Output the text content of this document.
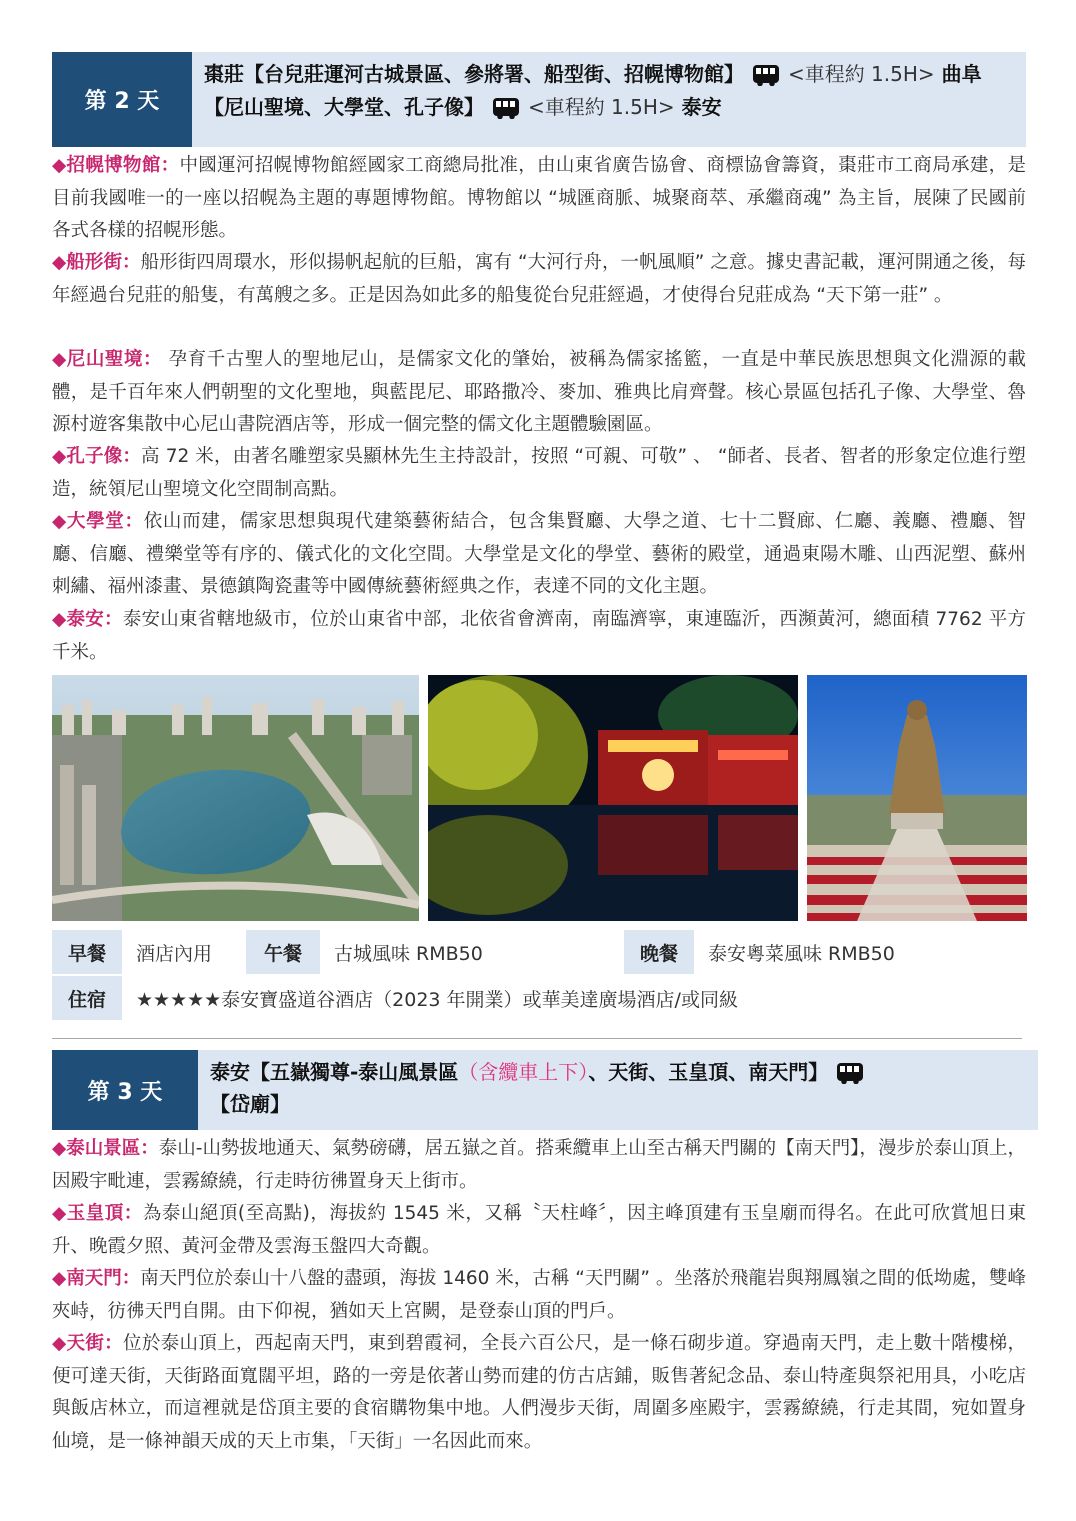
第 2 天
棗莊【台兒莊運河古城景區、參將署、船型街、招幌博物館】 <車程約 1.5H> 曲阜【尼山聖境、大學堂、孔子像】 <車程約 1.5H> 泰安

◆招幌博物館：中國運河招幌博物館經國家工商總局批准，由山東省廣告協會、商標協會籌資，棗莊市工商局承建，是目前我國唯一的一座以招幌為主題的專題博物館。博物館以 “城匯商脈、城聚商萃、承繼商魂” 為主旨，展陳了民國前各式各樣的招幌形態。

◆船形街：船形街四周環水，形似揚帆起航的巨船，寓有 “大河行舟，一帆風順” 之意。據史書記載，運河開通之後，每年經過台兒莊的船隻，有萬艘之多。正是因為如此多的船隻從台兒莊經過，才使得台兒莊成為 “天下第一莊” 。

◆尼山聖境： 孕育千古聖人的聖地尼山，是儒家文化的肇始，被稱為儒家搖籃，一直是中華民族思想與文化淵源的載體，是千百年來人們朝聖的文化聖地，與藍毘尼、耶路撒冷、麥加、雅典比肩齊聲。核心景區包括孔子像、大學堂、魯源村遊客集散中心尼山書院酒店等，形成一個完整的儒文化主題體驗園區。

◆孔子像：高 72 米，由著名雕塑家吳顯林先生主持設計，按照 “可親、可敬” 、 “師者、長者、智者的形象定位進行塑造，統領尼山聖境文化空間制高點。

◆大學堂：依山而建，儒家思想與現代建築藝術結合，包含集賢廳、大學之道、七十二賢廊、仁廳、義廳、禮廳、智廳、信廳、禮樂堂等有序的、儀式化的文化空間。大學堂是文化的學堂、藝術的殿堂，通過東陽木雕、山西泥塑、蘇州刺繡、福州漆畫、景德鎮陶瓷畫等中國傳統藝術經典之作，表達不同的文化主題。

◆泰安：泰安山東省轄地級市，位於山東省中部，北依省會濟南，南臨濟寧，東連臨沂，西瀕黃河，總面積 7762 平方千米。

早餐	酒店內用	午餐	古城風味 RMB50	晚餐	泰安粵菜風味 RMB50
住宿	★★★★★泰安寶盛道谷酒店（2023 年開業）或華美達廣場酒店/或同級
第 3 天
泰安【五嶽獨尊-泰山風景區（含纜車上下）、天街、玉皇頂、南天門】
【岱廟】

◆泰山景區：泰山-山勢拔地通天、氣勢磅礴，居五嶽之首。搭乘纜車上山至古稱天門關的【南天門】，漫步於泰山頂上，因殿宇毗連，雲霧繚繞，行走時彷彿置身天上街市。

◆玉皇頂：為泰山絕頂(至高點)，海拔約 1545 米，又稱〝天柱峰〞，因主峰頂建有玉皇廟而得名。在此可欣賞旭日東升、晚霞夕照、黃河金帶及雲海玉盤四大奇觀。

◆南天門：南天門位於泰山十八盤的盡頭，海拔 1460 米，古稱 “天門關” 。坐落於飛龍岩與翔鳳嶺之間的低坳處，雙峰夾峙，彷彿天門自開。由下仰視，猶如天上宮闕，是登泰山頂的門戶。

◆天街：位於泰山頂上，西起南天門，東到碧霞祠，全長六百公尺，是一條石砌步道。穿過南天門，走上數十階樓梯，便可達天街，天街路面寬闊平坦，路的一旁是依著山勢而建的仿古店鋪，販售著紀念品、泰山特產與祭祀用具，小吃店與飯店林立，而這裡就是岱頂主要的食宿購物集中地。人們漫步天街，周圍多座殿宇，雲霧繚繞，行走其間，宛如置身仙境，是一條神韻天成的天上市集，「天街」一名因此而來。
